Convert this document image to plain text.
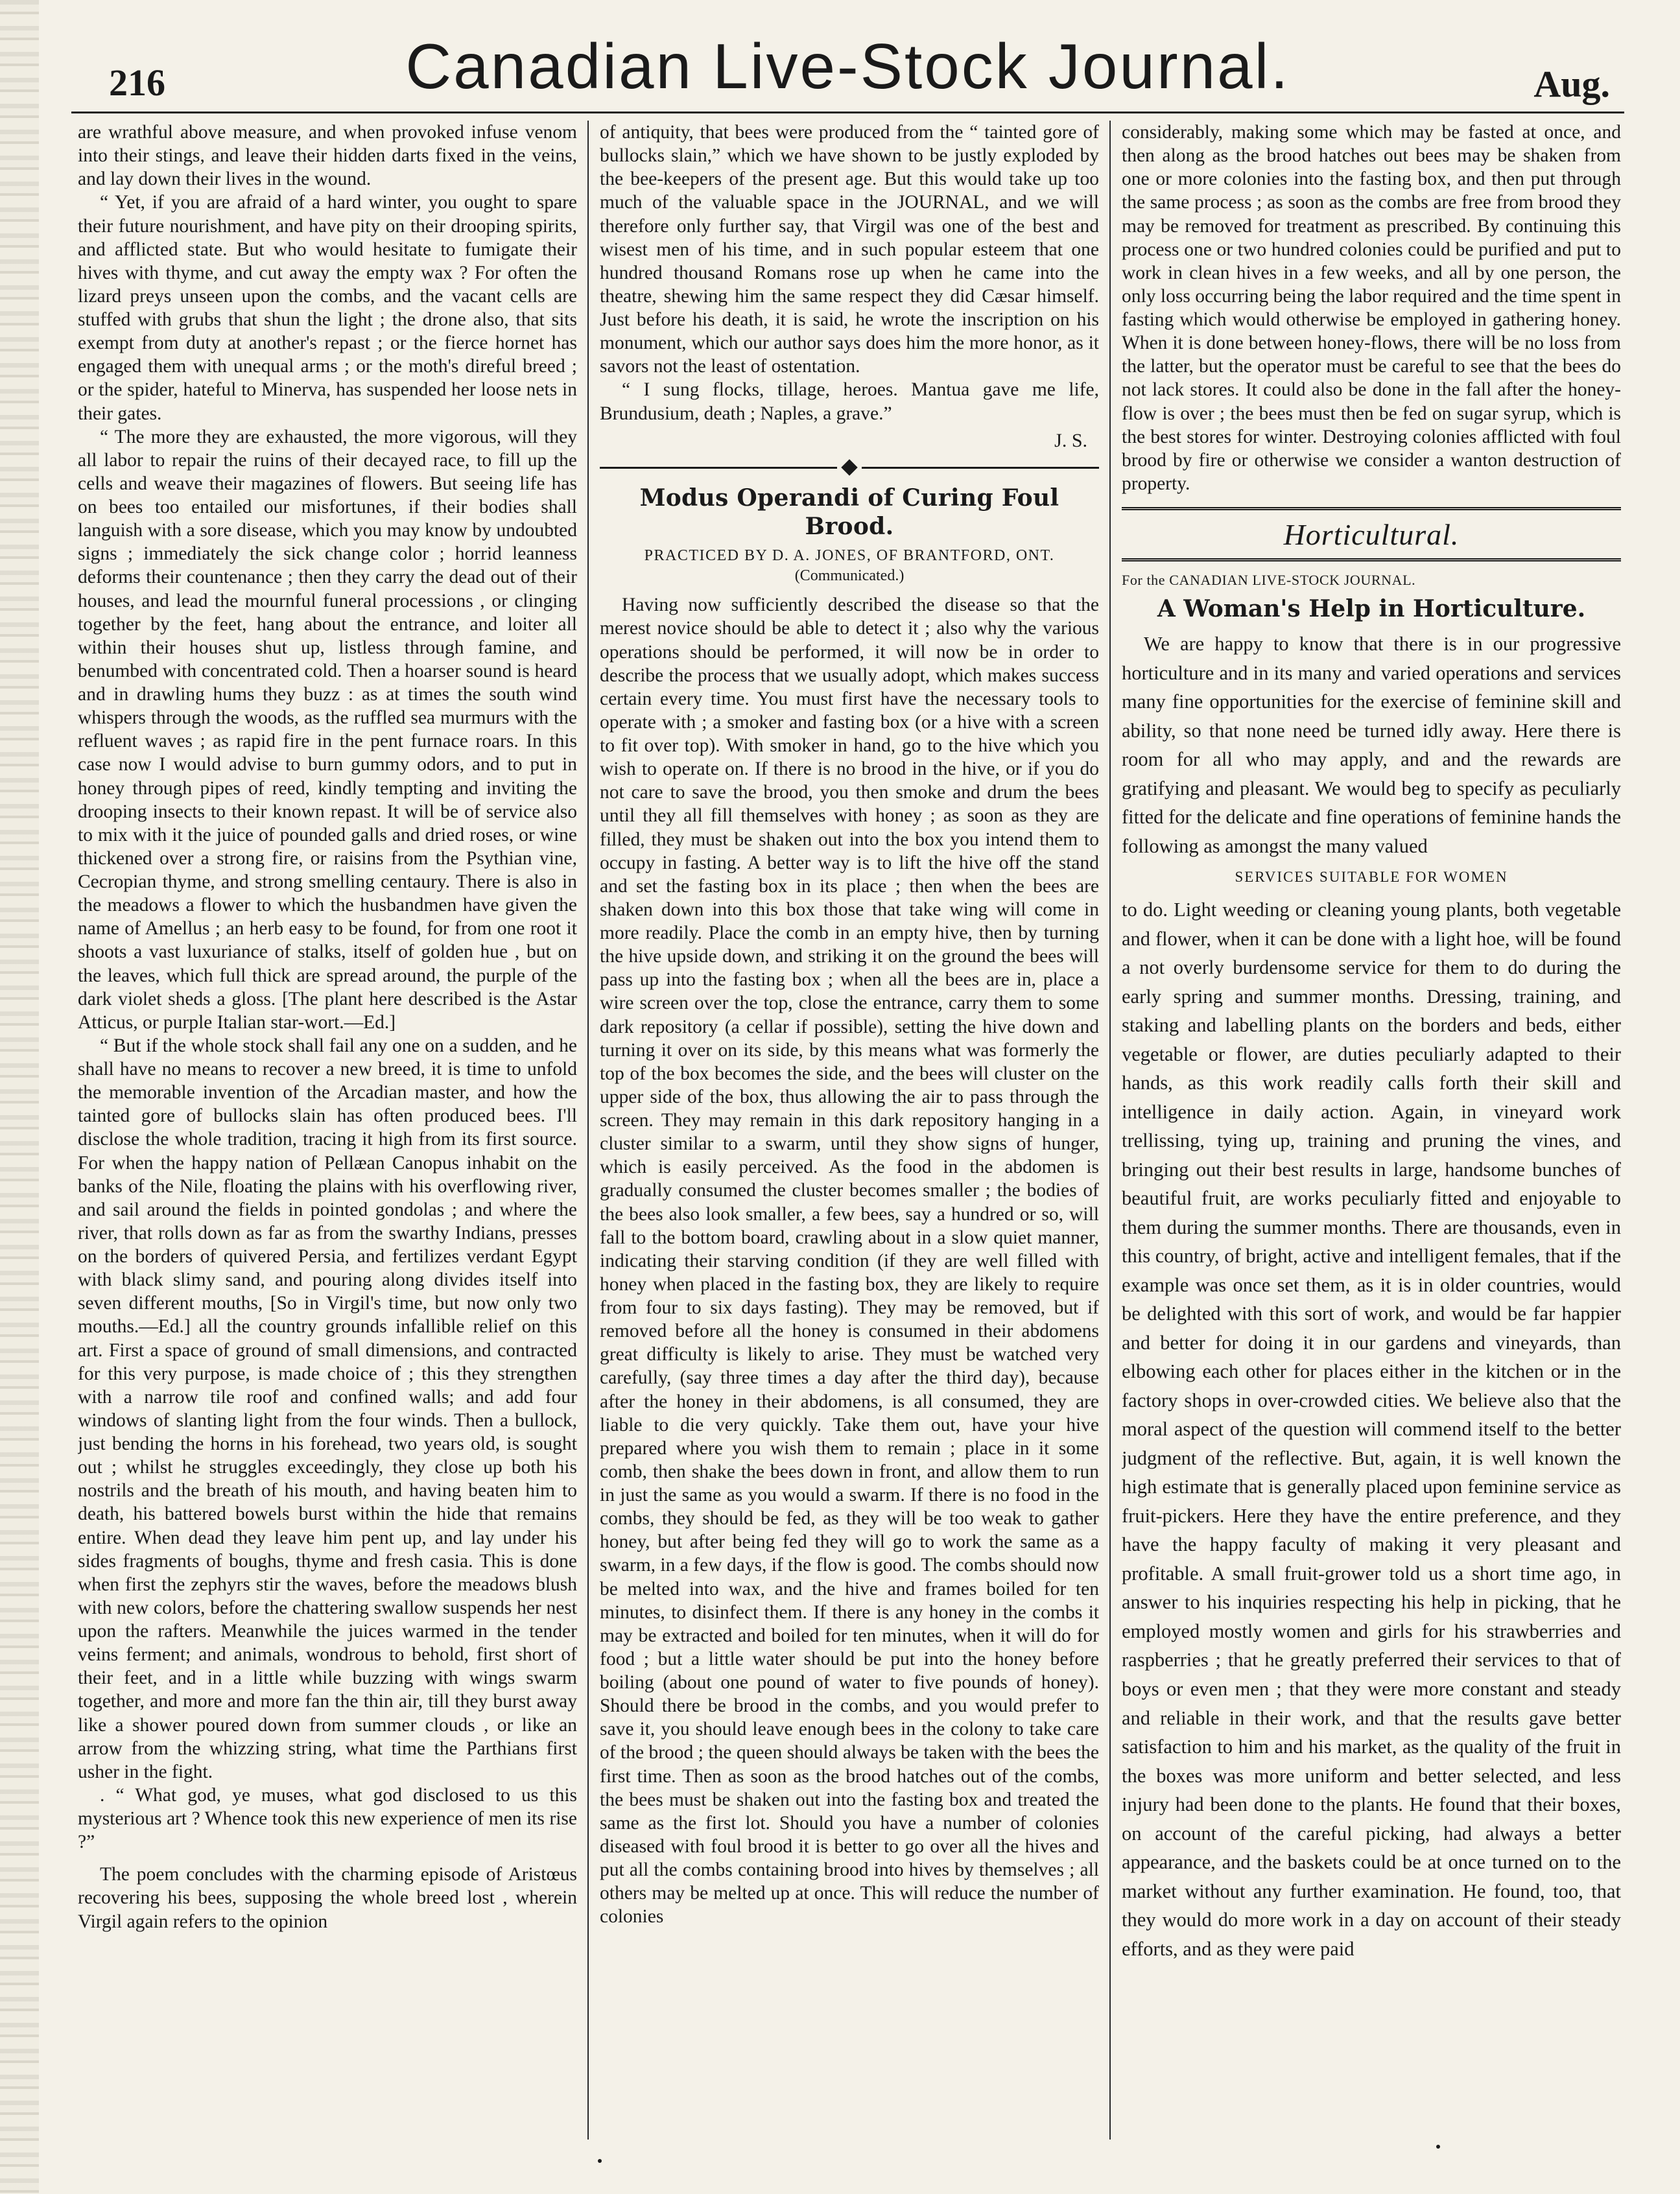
216	Canadian Live-Stock Journal.	Aug.

are wrathful above measure, and when provoked infuse venom into their stings, and leave their hidden darts fixed in the veins, and lay down their lives in the wound.

“ Yet, if you are afraid of a hard winter, you ought to spare their future nourishment, and have pity on their drooping spirits, and afflicted state. But who would hesitate to fumigate their hives with thyme, and cut away the empty wax ? For often the lizard preys unseen upon the combs, and the vacant cells are stuffed with grubs that shun the light ; the drone also, that sits exempt from duty at another's repast ; or the fierce hornet has engaged them with unequal arms ; or the moth's direful breed ; or the spider, hateful to Minerva, has suspended her loose nets in their gates.

“ The more they are exhausted, the more vigorous, will they all labor to repair the ruins of their decayed race, to fill up the cells and weave their magazines of flowers. But seeing life has on bees too entailed our misfortunes, if their bodies shall languish with a sore disease, which you may know by undoubted signs ; immediately the sick change color ; horrid leanness deforms their countenance ; then they carry the dead out of their houses, and lead the mournful funeral processions , or clinging together by the feet, hang about the entrance, and loiter all within their houses shut up, listless through famine, and benumbed with concentrated cold. Then a hoarser sound is heard and in drawling hums they buzz : as at times the south wind whispers through the woods, as the ruffled sea murmurs with the refluent waves ; as rapid fire in the pent furnace roars. In this case now I would advise to burn gummy odors, and to put in honey through pipes of reed, kindly tempting and inviting the drooping insects to their known repast. It will be of service also to mix with it the juice of pounded galls and dried roses, or wine thickened over a strong fire, or raisins from the Psythian vine, Cecropian thyme, and strong smelling centaury. There is also in the meadows a flower to which the husbandmen have given the name of Amellus ; an herb easy to be found, for from one root it shoots a vast luxuriance of stalks, itself of golden hue , but on the leaves, which full thick are spread around, the purple of the dark violet sheds a gloss. [The plant here described is the Astar Atticus, or purple Italian star-wort.—Ed.]

“ But if the whole stock shall fail any one on a sudden, and he shall have no means to recover a new breed, it is time to unfold the memorable invention of the Arcadian master, and how the tainted gore of bullocks slain has often produced bees. I'll disclose the whole tradition, tracing it high from its first source. For when the happy nation of Pellæan Canopus inhabit on the banks of the Nile, floating the plains with his overflowing river, and sail around the fields in pointed gondolas ; and where the river, that rolls down as far as from the swarthy Indians, presses on the borders of quivered Persia, and fertilizes verdant Egypt with black slimy sand, and pouring along divides itself into seven different mouths, [So in Virgil's time, but now only two mouths.—Ed.] all the country grounds infallible relief on this art. First a space of ground of small dimensions, and contracted for this very purpose, is made choice of ; this they strengthen with a narrow tile roof and confined walls; and add four windows of slanting light from the four winds. Then a bullock, just bending the horns in his forehead, two years old, is sought out ; whilst he struggles exceedingly, they close up both his nostrils and the breath of his mouth, and having beaten him to death, his battered bowels burst within the hide that remains entire. When dead they leave him pent up, and lay under his sides fragments of boughs, thyme and fresh casia. This is done when first the zephyrs stir the waves, before the meadows blush with new colors, before the chattering swallow suspends her nest upon the rafters. Meanwhile the juices warmed in the tender veins ferment; and animals, wondrous to behold, first short of their feet, and in a little while buzzing with wings swarm together, and more and more fan the thin air, till they burst away like a shower poured down from summer clouds , or like an arrow from the whizzing string, what time the Parthians first usher in the fight.

. “ What god, ye muses, what god disclosed to us this mysterious art ? Whence took this new experience of men its rise ?”

The poem concludes with the charming episode of Aristœus recovering his bees, supposing the whole breed lost , wherein Virgil again refers to the opinion

of antiquity, that bees were produced from the “ tainted gore of bullocks slain,” which we have shown to be justly exploded by the bee-keepers of the present age. But this would take up too much of the valuable space in the JOURNAL, and we will therefore only further say, that Virgil was one of the best and wisest men of his time, and in such popular esteem that one hundred thousand Romans rose up when he came into the theatre, shewing him the same respect they did Cæsar himself. Just before his death, it is said, he wrote the inscription on his monument, which our author says does him the more honor, as it savors not the least of ostentation.

“ I sung flocks, tillage, heroes. Mantua gave me life, Brundusium, death ; Naples, a grave.”

J. S.
Modus Operandi of Curing Foul Brood.
PRACTICED BY D. A. JONES, OF BRANTFORD, ONT.
(Communicated.)

Having now sufficiently described the disease so that the merest novice should be able to detect it ; also why the various operations should be performed, it will now be in order to describe the process that we usually adopt, which makes success certain every time. You must first have the necessary tools to operate with ; a smoker and fasting box (or a hive with a screen to fit over top). With smoker in hand, go to the hive which you wish to operate on. If there is no brood in the hive, or if you do not care to save the brood, you then smoke and drum the bees until they all fill themselves with honey ; as soon as they are filled, they must be shaken out into the box you intend them to occupy in fasting. A better way is to lift the hive off the stand and set the fasting box in its place ; then when the bees are shaken down into this box those that take wing will come in more readily. Place the comb in an empty hive, then by turning the hive upside down, and striking it on the ground the bees will pass up into the fasting box ; when all the bees are in, place a wire screen over the top, close the entrance, carry them to some dark repository (a cellar if possible), setting the hive down and turning it over on its side, by this means what was formerly the top of the box becomes the side, and the bees will cluster on the upper side of the box, thus allowing the air to pass through the screen. They may remain in this dark repository hanging in a cluster similar to a swarm, until they show signs of hunger, which is easily perceived. As the food in the abdomen is gradually consumed the cluster becomes smaller ; the bodies of the bees also look smaller, a few bees, say a hundred or so, will fall to the bottom board, crawling about in a slow quiet manner, indicating their starving condition (if they are well filled with honey when placed in the fasting box, they are likely to require from four to six days fasting). They may be removed, but if removed before all the honey is consumed in their abdomens great difficulty is likely to arise. They must be watched very carefully, (say three times a day after the third day), because after the honey in their abdomens, is all consumed, they are liable to die very quickly. Take them out, have your hive prepared where you wish them to remain ; place in it some comb, then shake the bees down in front, and allow them to run in just the same as you would a swarm. If there is no food in the combs, they should be fed, as they will be too weak to gather honey, but after being fed they will go to work the same as a swarm, in a few days, if the flow is good. The combs should now be melted into wax, and the hive and frames boiled for ten minutes, to disinfect them. If there is any honey in the combs it may be extracted and boiled for ten minutes, when it will do for food ; but a little water should be put into the honey before boiling (about one pound of water to five pounds of honey). Should there be brood in the combs, and you would prefer to save it, you should leave enough bees in the colony to take care of the brood ; the queen should always be taken with the bees the first time. Then as soon as the brood hatches out of the combs, the bees must be shaken out into the fasting box and treated the same as the first lot. Should you have a number of colonies diseased with foul brood it is better to go over all the hives and put all the combs containing brood into hives by themselves ; all others may be melted up at once. This will reduce the number of colonies

considerably, making some which may be fasted at once, and then along as the brood hatches out bees may be shaken from one or more colonies into the fasting box, and then put through the same process ; as soon as the combs are free from brood they may be removed for treatment as prescribed. By continuing this process one or two hundred colonies could be purified and put to work in clean hives in a few weeks, and all by one person, the only loss occurring being the labor required and the time spent in fasting which would otherwise be employed in gathering honey. When it is done between honey-flows, there will be no loss from the latter, but the operator must be careful to see that the bees do not lack stores. It could also be done in the fall after the honey-flow is over ; the bees must then be fed on sugar syrup, which is the best stores for winter. Destroying colonies afflicted with foul brood by fire or otherwise we consider a wanton destruction of property.

Horticultural.
For the CANADIAN LIVE-STOCK JOURNAL.
A Woman's Help in Horticulture.

We are happy to know that there is in our progressive horticulture and in its many and varied operations and services many fine opportunities for the exercise of feminine skill and ability, so that none need be turned idly away. Here there is room for all who may apply, and and the rewards are gratifying and pleasant. We would beg to specify as peculiarly fitted for the delicate and fine operations of feminine hands the following as amongst the many valued

SERVICES SUITABLE FOR WOMEN

to do. Light weeding or cleaning young plants, both vegetable and flower, when it can be done with a light hoe, will be found a not overly burdensome service for them to do during the early spring and summer months. Dressing, training, and staking and labelling plants on the borders and beds, either vegetable or flower, are duties peculiarly adapted to their hands, as this work readily calls forth their skill and intelligence in daily action. Again, in vineyard work trellissing, tying up, training and pruning the vines, and bringing out their best results in large, handsome bunches of beautiful fruit, are works peculiarly fitted and enjoyable to them during the summer months. There are thousands, even in this country, of bright, active and intelligent females, that if the example was once set them, as it is in older countries, would be delighted with this sort of work, and would be far happier and better for doing it in our gardens and vineyards, than elbowing each other for places either in the kitchen or in the factory shops in over-crowded cities. We believe also that the moral aspect of the question will commend itself to the better judgment of the reflective. But, again, it is well known the high estimate that is generally placed upon feminine service as fruit-pickers. Here they have the entire preference, and they have the happy faculty of making it very pleasant and profitable. A small fruit-grower told us a short time ago, in answer to his inquiries respecting his help in picking, that he employed mostly women and girls for his strawberries and raspberries ; that he greatly preferred their services to that of boys or even men ; that they were more constant and steady and reliable in their work, and that the results gave better satisfaction to him and his market, as the quality of the fruit in the boxes was more uniform and better selected, and less injury had been done to the plants. He found that their boxes, on account of the careful picking, had always a better appearance, and the baskets could be at once turned on to the market without any further examination. He found, too, that they would do more work in a day on account of their steady efforts, and as they were paid
